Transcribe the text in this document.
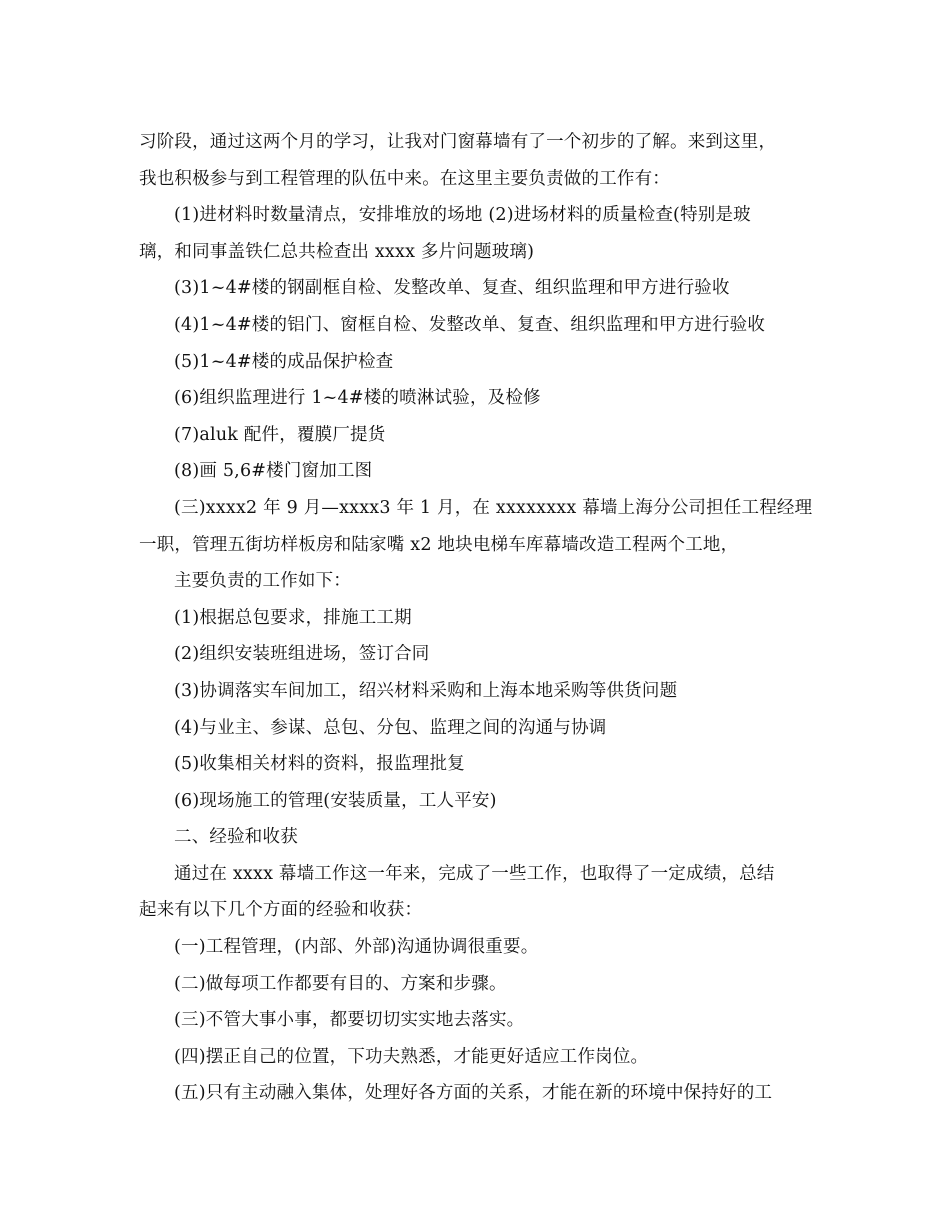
习阶段，通过这两个月的学习，让我对门窗幕墙有了一个初步的了解。来到这里，
我也积极参与到工程管理的队伍中来。在这里主要负责做的工作有：
(1)进材料时数量清点，安排堆放的场地 (2)进场材料的质量检查(特别是玻
璃，和同事盖铁仁总共检查出 xxxx 多片问题玻璃)
(3)1~4#楼的钢副框自检、发整改单、复查、组织监理和甲方进行验收
(4)1~4#楼的铝门、窗框自检、发整改单、复查、组织监理和甲方进行验收
(5)1~4#楼的成品保护检查
(6)组织监理进行 1~4#楼的喷淋试验，及检修
(7)aluk 配件，覆膜厂提货
(8)画 5,6#楼门窗加工图
(三)xxxx2 年 9 月—xxxx3 年 1 月，在 xxxxxxxx 幕墙上海分公司担任工程经理
一职，管理五街坊样板房和陆家嘴 x2 地块电梯车库幕墙改造工程两个工地，
主要负责的工作如下：
(1)根据总包要求，排施工工期
(2)组织安装班组进场，签订合同
(3)协调落实车间加工，绍兴材料采购和上海本地采购等供货问题
(4)与业主、参谋、总包、分包、监理之间的沟通与协调
(5)收集相关材料的资料，报监理批复
(6)现场施工的管理(安装质量，工人平安)
二、经验和收获
通过在 xxxx 幕墙工作这一年来，完成了一些工作，也取得了一定成绩，总结
起来有以下几个方面的经验和收获：
(一)工程管理，(内部、外部)沟通协调很重要。
(二)做每项工作都要有目的、方案和步骤。
(三)不管大事小事，都要切切实实地去落实。
(四)摆正自己的位置，下功夫熟悉，才能更好适应工作岗位。
(五)只有主动融入集体，处理好各方面的关系，才能在新的环境中保持好的工
